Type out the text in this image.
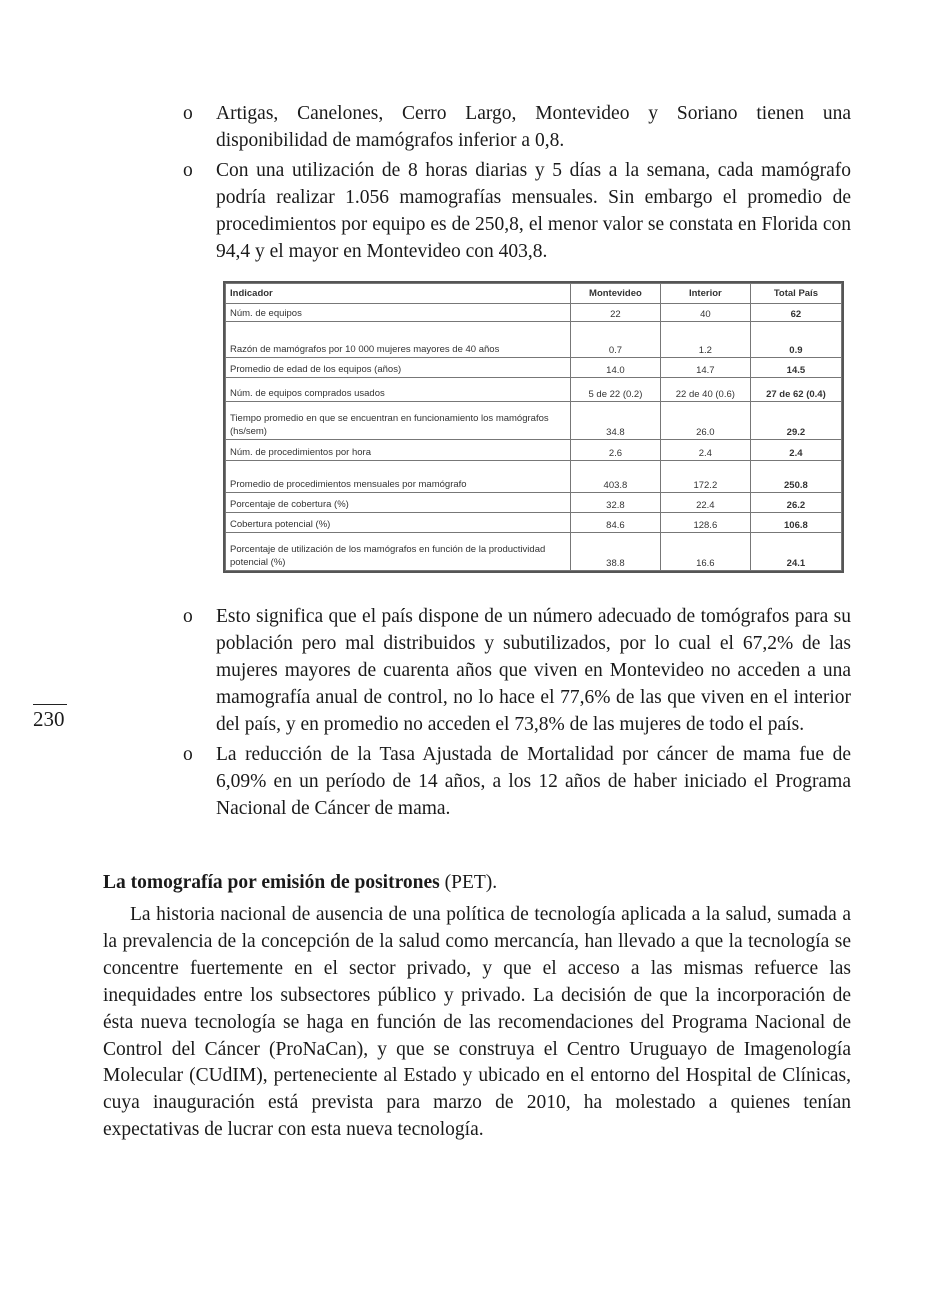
o Artigas, Canelones, Cerro Largo, Montevideo y Soriano tienen una disponibilidad de mamógrafos inferior a 0,8.
o Con una utilización de 8 horas diarias y 5 días a la semana, cada mamógrafo podría realizar 1.056 mamografías mensuales. Sin embargo el promedio de procedimientos por equipo es de 250,8, el menor valor se constata en Florida con 94,4 y el mayor en Montevideo con 403,8.
Indicador	Montevideo	Interior	Total País
Núm. de equipos	22	40	62
Razón de mamógrafos por 10 000 mujeres mayores de 40 años	0.7	1.2	0.9
Promedio de edad de los equipos (años)	14.0	14.7	14.5
Núm. de equipos comprados usados	5 de 22 (0.2)	22 de 40 (0.6)	27 de 62 (0.4)
Tiempo promedio en que se encuentran en funcionamiento los mamógrafos (hs/sem)	34.8	26.0	29.2
Núm. de procedimientos por hora	2.6	2.4	2.4
Promedio de procedimientos mensuales por mamógrafo	403.8	172.2	250.8
Porcentaje de cobertura (%)	32.8	22.4	26.2
Cobertura potencial (%)	84.6	128.6	106.8
Porcentaje de utilización de los mamógrafos en función de la productividad potencial (%)	38.8	16.6	24.1
o Esto significa que el país dispone de un número adecuado de tomógrafos para su población pero mal distribuidos y subutilizados, por lo cual el 67,2% de las mujeres mayores de cuarenta años que viven en Montevideo no acceden a una mamografía anual de control, no lo hace el 77,6% de las que viven en el interior del país, y en promedio no acceden el 73,8% de las mujeres de todo el país.
o La reducción de la Tasa Ajustada de Mortalidad por cáncer de mama fue de 6,09% en un período de 14 años, a los 12 años de haber iniciado el Programa Nacional de Cáncer de mama.
230
La tomografía por emisión de positrones (PET).

La historia nacional de ausencia de una política de tecnología aplicada a la salud, sumada a la prevalencia de la concepción de la salud como mercancía, han llevado a que la tecnología se concentre fuertemente en el sector privado, y que el acceso a las mismas refuerce las inequidades entre los subsectores público y privado. La decisión de que la incorporación de ésta nueva tecnología se haga en función de las recomendaciones del Programa Nacional de Control del Cáncer (ProNaCan), y que se construya el Centro Uruguayo de Imagenología Molecular (CUdIM), perteneciente al Estado y ubicado en el entorno del Hospital de Clínicas, cuya inauguración está prevista para marzo de 2010, ha molestado a quienes tenían expectativas de lucrar con esta nueva tecnología.
